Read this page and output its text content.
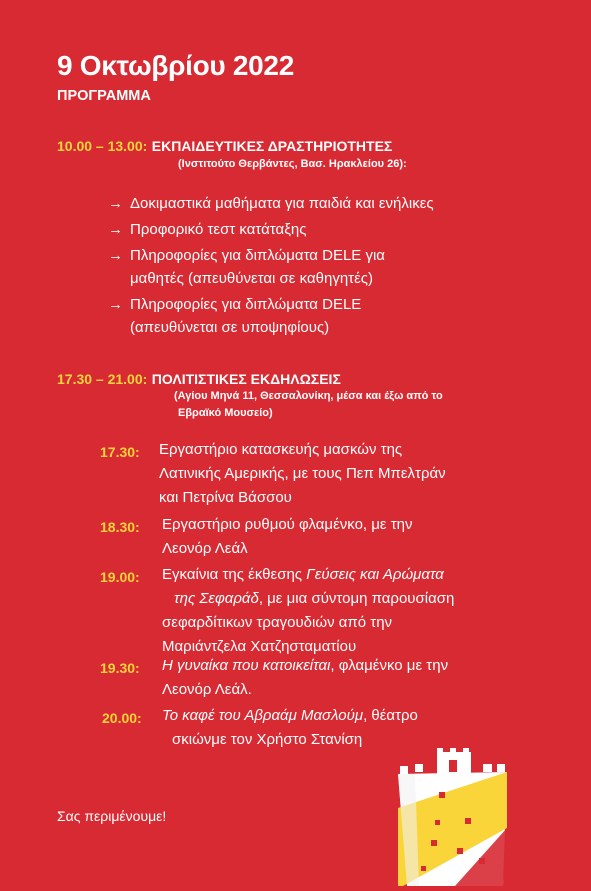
9 Οκτωβρίου 2022
ΠΡΟΓΡΑΜΜΑ
10.00 – 13.00: ΕΚΠΑΙΔΕΥΤΙΚΕΣ ΔΡΑΣΤΗΡΙΟΤΗΤΕΣ
(Ινστιτούτο Θερβάντες, Βασ. Ηρακλείου 26):
→ Δοκιμαστικά μαθήματα για παιδιά και ενήλικες
→ Προφορικό τεστ κατάταξης
→ Πληροφορίες για διπλώματα DELE για
μαθητές (απευθύνεται σε καθηγητές)
→ Πληροφορίες για διπλώματα DELE
(απευθύνεται σε υποψηφίους)
17.30 – 21.00: ΠΟΛΙΤΙΣΤΙΚΕΣ ΕΚΔΗΛΩΣΕΙΣ
(Αγίου Μηνά 11, Θεσσαλονίκη, μέσα και έξω από το
Εβραϊκό Μουσείο)
17.30: Εργαστήριο κατασκευής μασκών της
Λατινικής Αμερικής, με τους Πεπ Μπελτράν
και Πετρίνα Βάσσου
18.30: Εργαστήριο ρυθμού φλαμένκο, με την
Λεονόρ Λεάλ
19.00: Εγκαίνια της έκθεσης Γεύσεις και Αρώματα
της Σεφαράδ, με μια σύντομη παρουσίαση
σεφαρδίτικων τραγουδιών από την
Μαριάντζελα Χατζησταματίου
19.30: Η γυναίκα που κατοικείται, φλαμένκο με την
Λεονόρ Λεάλ.
20.00: Το καφέ του Αβραάμ Μασλούμ, θέατρο
σκιώνμε τον Χρήστο Στανίση
Σας περιμένουμε!
